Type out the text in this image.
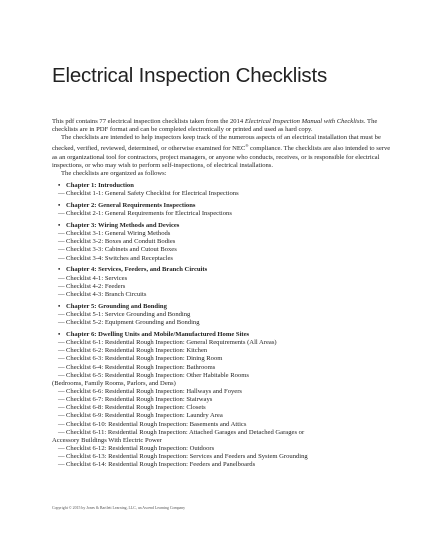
Electrical Inspection Checklists

This pdf contains 77 electrical inspection checklists taken from the 2014 Electrical Inspection Manual with Checklists. The checklists are in PDF format and can be completed electronically or printed and used as hard copy.

The checklists are intended to help inspectors keep track of the numerous aspects of an electrical installation that must be checked, verified, reviewed, determined, or otherwise examined for NEC® compliance. The checklists are also intended to serve as an organizational tool for contractors, project managers, or anyone who conducts, receives, or is responsible for electrical inspections, or who may wish to perform self-inspections, of electrical installations.

The checklists are organized as follows:

• Chapter 1: Introduction
— Checklist 1-1: General Safety Checklist for Electrical Inspections
• Chapter 2: General Requirements Inspections
— Checklist 2-1: General Requirements for Electrical Inspections
• Chapter 3: Wiring Methods and Devices
— Checklist 3-1: General Wiring Methods
— Checklist 3-2: Boxes and Conduit Bodies
— Checklist 3-3: Cabinets and Cutout Boxes
— Checklist 3-4: Switches and Receptacles
• Chapter 4: Services, Feeders, and Branch Circuits
— Checklist 4-1: Services
— Checklist 4-2: Feeders
— Checklist 4-3: Branch Circuits
• Chapter 5: Grounding and Bonding
— Checklist 5-1: Service Grounding and Bonding
— Checklist 5-2: Equipment Grounding and Bonding
• Chapter 6: Dwelling Units and Mobile/Manufactured Home Sites
— Checklist 6-1: Residential Rough Inspection: General Requirements (All Areas)
— Checklist 6-2: Residential Rough Inspection: Kitchen
— Checklist 6-3: Residential Rough Inspection: Dining Room
— Checklist 6-4: Residential Rough Inspection: Bathrooms
— Checklist 6-5: Residential Rough Inspection: Other Habitable Rooms
(Bedrooms, Family Rooms, Parlors, and Dens)
— Checklist 6-6: Residential Rough Inspection: Hallways and Foyers
— Checklist 6-7: Residential Rough Inspection: Stairways
— Checklist 6-8: Residential Rough Inspection: Closets
— Checklist 6-9: Residential Rough Inspection: Laundry Area
— Checklist 6-10: Residential Rough Inspection: Basements and Attics
— Checklist 6-11: Residential Rough Inspection: Attached Garages and Detached Garages or
Accessory Buildings With Electric Power
— Checklist 6-12: Residential Rough Inspection: Outdoors
— Checklist 6-13: Residential Rough Inspection: Services and Feeders and System Grounding
— Checklist 6-14: Residential Rough Inspection: Feeders and Panelboards
Copyright © 2015 by Jones & Bartlett Learning, LLC, an Ascend Learning Company
